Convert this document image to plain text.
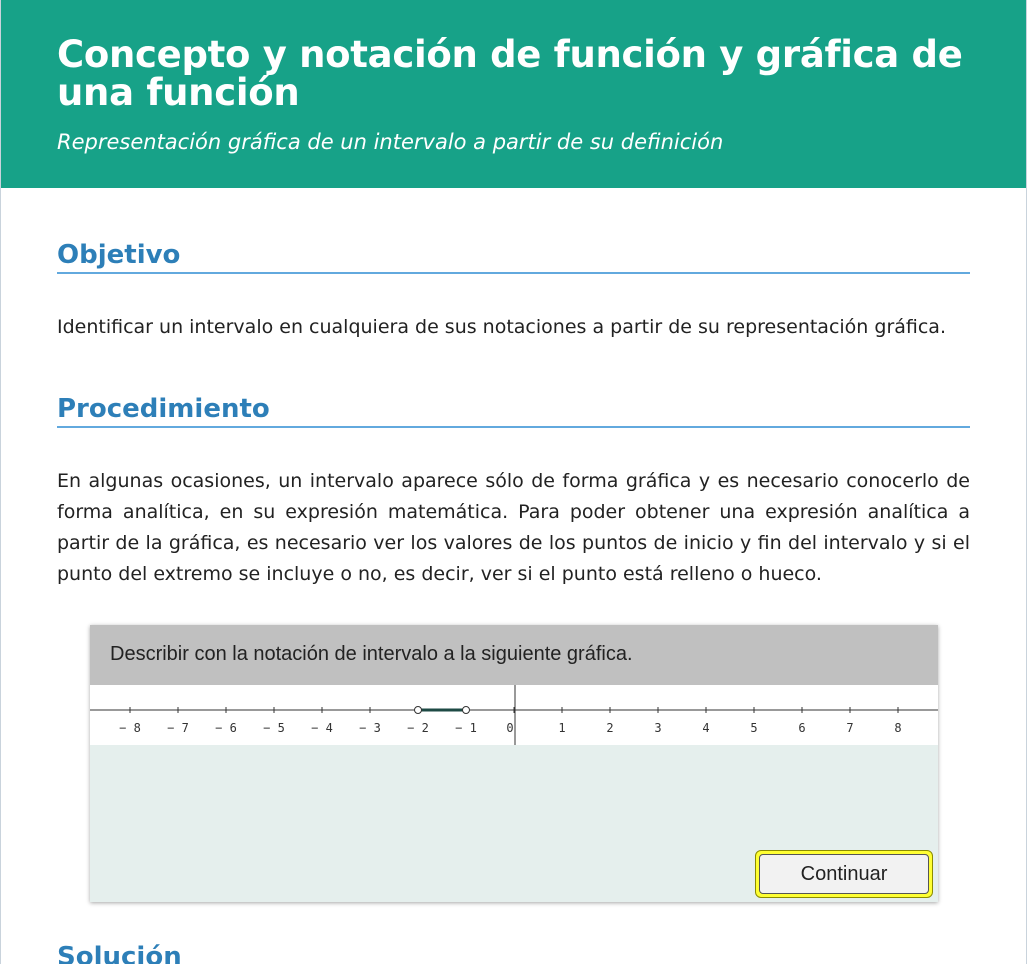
Concepto y notación de función y gráfica de una función
Representación gráfica de un intervalo a partir de su definición
Objetivo
Identificar un intervalo en cualquiera de sus notaciones a partir de su representación gráfica.
Procedimiento
En algunas ocasiones, un intervalo aparece sólo de forma gráfica y es necesario conocerlo de forma analítica, en su expresión matemática. Para poder obtener una expresión analítica a partir de la gráfica, es necesario ver los valores de los puntos de inicio y fin del intervalo y si el punto del extremo se incluye o no, es decir, ver si el punto está relleno o hueco.
Describir con la notación de intervalo a la siguiente gráfica.
− 8 − 7 − 6 − 5 − 4 − 3 − 2 − 1 0	1	2	3	4	5	6	7	8
Continuar
Solución
